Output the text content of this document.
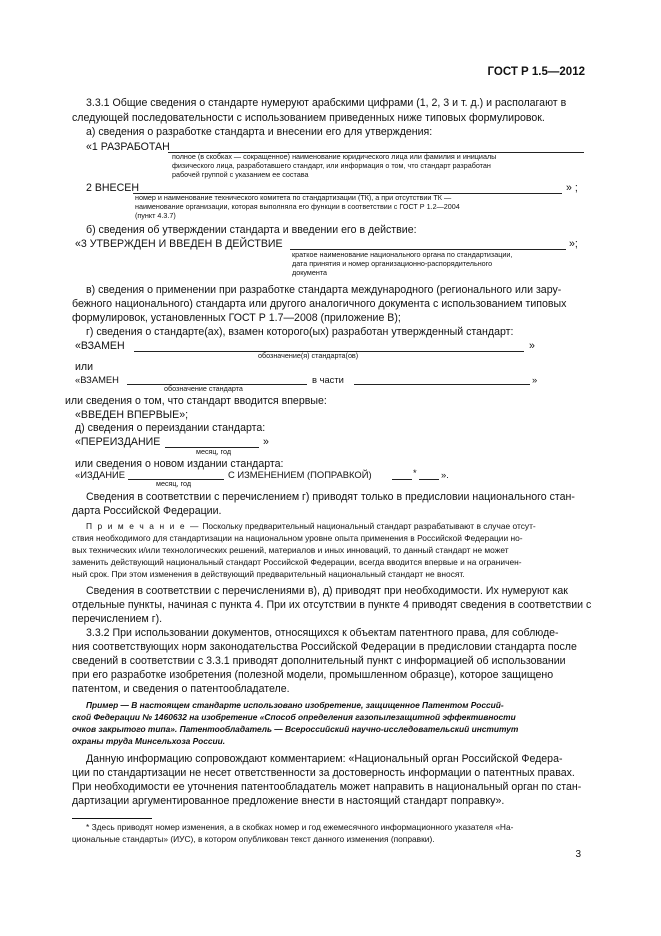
ГОСТ Р 1.5—2012
3.3.1 Общие сведения о стандарте нумеруют арабскими цифрами (1, 2, 3 и т. д.) и располагают в
следующей последовательности с использованием приведенных ниже типовых формулировок.
а) сведения о разработке стандарта и внесении его для утверждения:
«1 РАЗРАБОТАН
полное (в скобках — сокращенное) наименование юридического лица или фамилия и инициалы
физического лица, разработавшего стандарт, или информация о том, что стандарт разработан
рабочей группой с указанием ее состава
2 ВНЕСЕН	» ;
номер и наименование технического комитета по стандартизации (ТК), а при отсутствии ТК —
наименование организации, которая выполняла его функции в соответствии с ГОСТ Р 1.2—2004
(пункт 4.3.7)
б) сведения об утверждении стандарта и введении его в действие:
«3 УТВЕРЖДЕН И ВВЕДЕН В ДЕЙСТВИЕ	»;
краткое наименование национального органа по стандартизации,
дата принятия и номер организационно-распорядительного
документа
в) сведения о применении при разработке стандарта международного (регионального или зару-
бежного национального) стандарта или другого аналогичного документа с использованием типовых
формулировок, установленных ГОСТ Р 1.7—2008 (приложение В);
г) сведения о стандарте(ах), взамен которого(ых) разработан утвержденный стандарт:
«ВЗАМЕН	»
обозначение(я) стандарта(ов)
или
«ВЗАМЕН	в части	»
обозначение стандарта
или сведения о том, что стандарт вводится впервые:
«ВВЕДЕН ВПЕРВЫЕ»;
д) сведения о переиздании стандарта:
«ПЕРЕИЗДАНИЕ	»
месяц, год
или сведения о новом издании стандарта:
«ИЗДАНИЕ	С ИЗМЕНЕНИЕМ (ПОПРАВКОЙ)	*	».
месяц, год
Сведения в соответствии с перечислением г) приводят только в предисловии национального стан-
дарта Российской Федерации.
П р и м е ч а н и е — Поскольку предварительный национальный стандарт разрабатывают в случае отсут-
ствия необходимого для стандартизации на национальном уровне опыта применения в Российской Федерации но-
вых технических и/или технологических решений, материалов и иных инноваций, то данный стандарт не может
заменить действующий национальный стандарт Российской Федерации, всегда вводится впервые и на ограничен-
ный срок. При этом изменения в действующий предварительный национальный стандарт не вносят.
Сведения в соответствии с перечислениями в), д) приводят при необходимости. Их нумеруют как
отдельные пункты, начиная с пункта 4. При их отсутствии в пункте 4 приводят сведения в соответствии с
перечислением г).
3.3.2 При использовании документов, относящихся к объектам патентного права, для соблюде-
ния соответствующих норм законодательства Российской Федерации в предисловии стандарта после
сведений в соответствии с 3.3.1 приводят дополнительный пункт с информацией об использовании
при его разработке изобретения (полезной модели, промышленном образце), которое защищено
патентом, и сведения о патентообладателе.
Пример — В настоящем стандарте использовано изобретение, защищенное Патентом Россий-
ской Федерации № 1460632 на изобретение «Способ определения газопылезащитной эффективности
очков закрытого типа». Патентообладатель — Всероссийский научно-исследовательский институт
охраны труда Минсельхоза России.
Данную информацию сопровождают комментарием: «Национальный орган Российской Федера-
ции по стандартизации не несет ответственности за достоверность информации о патентных правах.
При необходимости ее уточнения патентообладатель может направить в национальный орган по стан-
дартизации аргументированное предложение внести в настоящий стандарт поправку».
* Здесь приводят номер изменения, а в скобках номер и год ежемесячного информационного указателя «На-
циональные стандарты» (ИУС), в котором опубликован текст данного изменения (поправки).
3
